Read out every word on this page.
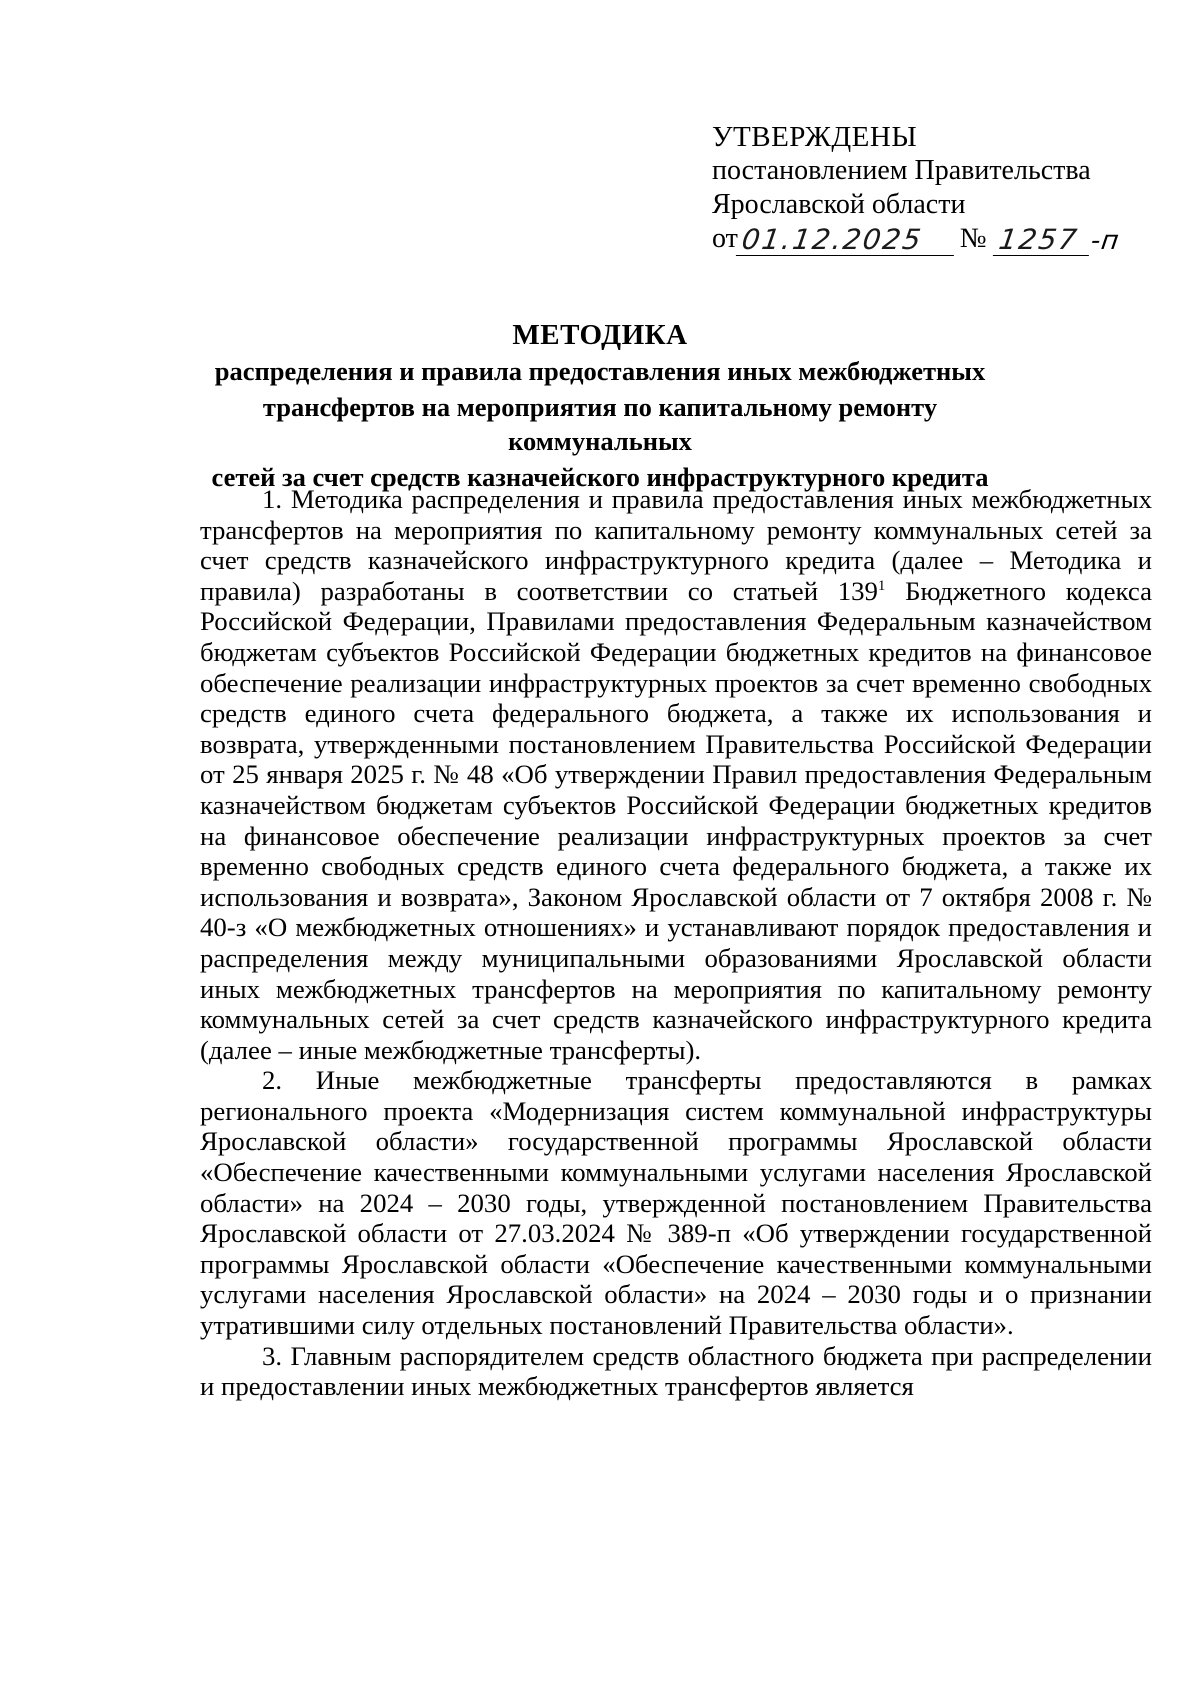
УТВЕРЖДЕНЫ
постановлением Правительства
Ярославской области
от 01.12.2025	№ 1257 -п
МЕТОДИКА
распределения и правила предоставления иных межбюджетных
трансфертов на мероприятия по капитальному ремонту коммунальных
сетей за счет средств казначейского инфраструктурного кредита

1. Методика распределения и правила предоставления иных межбюджетных трансфертов на мероприятия по капитальному ремонту коммунальных сетей за счет средств казначейского инфраструктурного кредита (далее – Методика и правила) разработаны в соответствии со статьей $139^1$ Бюджетного кодекса Российской Федерации, Правилами предоставления Федеральным казначейством бюджетам субъектов Российской Федерации бюджетных кредитов на финансовое обеспечение реализации инфраструктурных проектов за счет временно свободных средств единого счета федерального бюджета, а также их использования и возврата, утвержденными постановлением Правительства Российской Федерации от 25 января 2025 г. № 48 «Об утверждении Правил предоставления Федеральным казначейством бюджетам субъектов Российской Федерации бюджетных кредитов на финансовое обеспечение реализации инфраструктурных проектов за счет временно свободных средств единого счета федерального бюджета, а также их использования и возврата», Законом Ярославской области от 7 октября 2008 г. № 40-з «О межбюджетных отношениях» и устанавливают порядок предоставления и распределения между муниципальными образованиями Ярославской области иных межбюджетных трансфертов на мероприятия по капитальному ремонту коммунальных сетей за счет средств казначейского инфраструктурного кредита (далее – иные межбюджетные трансферты).

2. Иные межбюджетные трансферты предоставляются в рамках регионального проекта «Модернизация систем коммунальной инфраструктуры Ярославской области» государственной программы Ярославской области «Обеспечение качественными коммунальными услугами населения Ярославской области» на 2024 – 2030 годы, утвержденной постановлением Правительства Ярославской области от 27.03.2024 № 389-п «Об утверждении государственной программы Ярославской области «Обеспечение качественными коммунальными услугами населения Ярославской области» на 2024 – 2030 годы и о признании утратившими силу отдельных постановлений Правительства области».

3. Главным распорядителем средств областного бюджета при распределении и предоставлении иных межбюджетных трансфертов является
